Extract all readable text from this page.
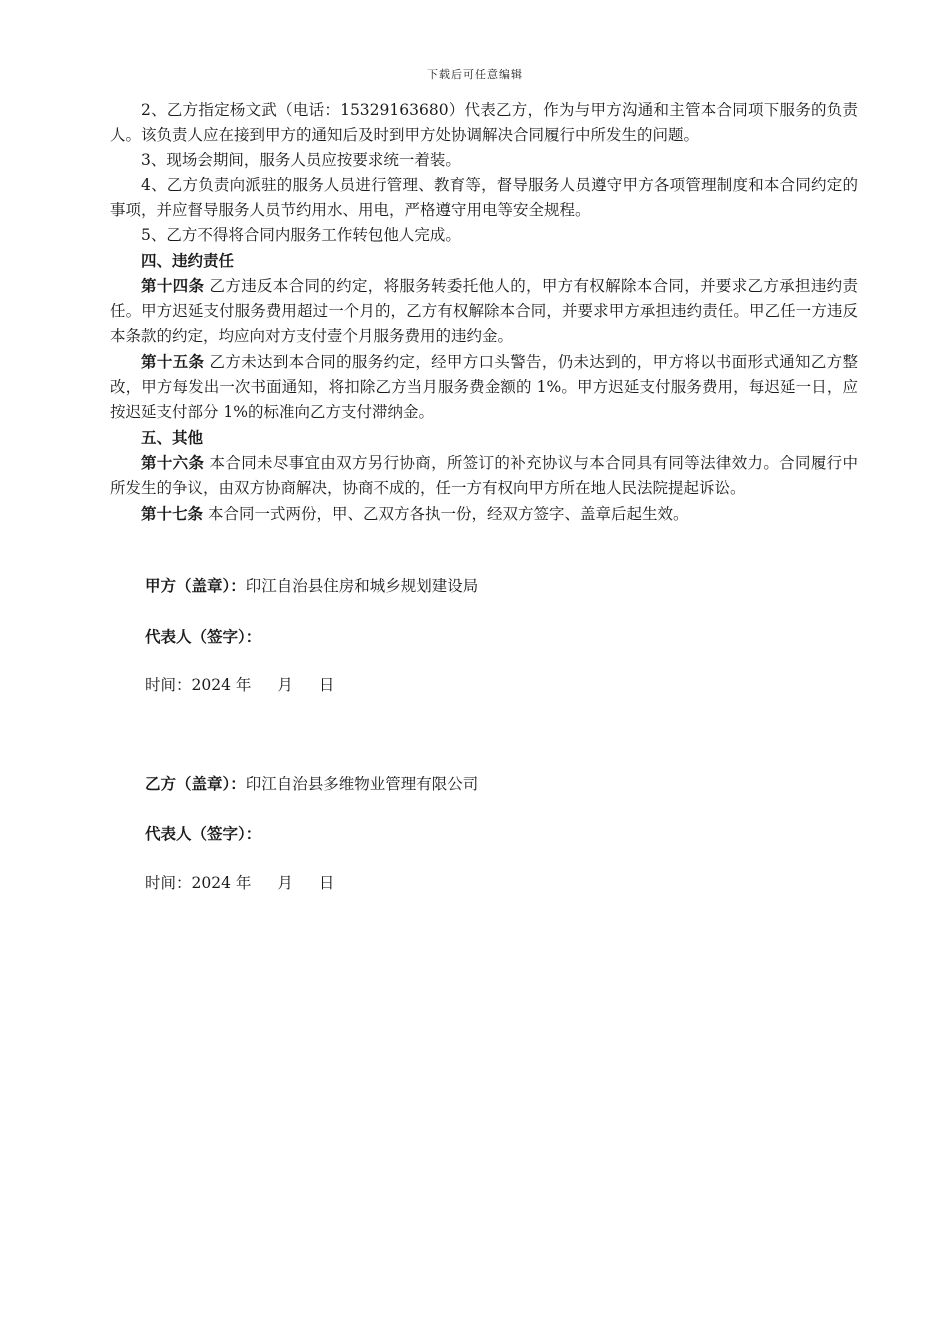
下载后可任意编辑

2、乙方指定杨文武（电话：15329163680）代表乙方，作为与甲方沟通和主管本合同项下服务的负责人。该负责人应在接到甲方的通知后及时到甲方处协调解决合同履行中所发生的问题。

3、现场会期间，服务人员应按要求统一着装。

4、乙方负责向派驻的服务人员进行管理、教育等，督导服务人员遵守甲方各项管理制度和本合同约定的事项，并应督导服务人员节约用水、用电，严格遵守用电等安全规程。

5、乙方不得将合同内服务工作转包他人完成。

四、违约责任

第十四条 乙方违反本合同的约定，将服务转委托他人的，甲方有权解除本合同，并要求乙方承担违约责任。甲方迟延支付服务费用超过一个月的，乙方有权解除本合同，并要求甲方承担违约责任。甲乙任一方违反本条款的约定，均应向对方支付壹个月服务费用的违约金。

第十五条 乙方未达到本合同的服务约定，经甲方口头警告，仍未达到的，甲方将以书面形式通知乙方整改，甲方每发出一次书面通知，将扣除乙方当月服务费金额的 1%。甲方迟延支付服务费用，每迟延一日，应按迟延支付部分 1%的标准向乙方支付滞纳金。

五、其他

第十六条 本合同未尽事宜由双方另行协商，所签订的补充协议与本合同具有同等法律效力。合同履行中所发生的争议，由双方协商解决，协商不成的，任一方有权向甲方所在地人民法院提起诉讼。

第十七条 本合同一式两份，甲、乙双方各执一份，经双方签字、盖章后起生效。

甲方（盖章）：印江自治县住房和城乡规划建设局
代表人（签字）：
时间：2024 年 月 日
乙方（盖章）：印江自治县多维物业管理有限公司
代表人（签字）：
时间：2024 年 月 日
